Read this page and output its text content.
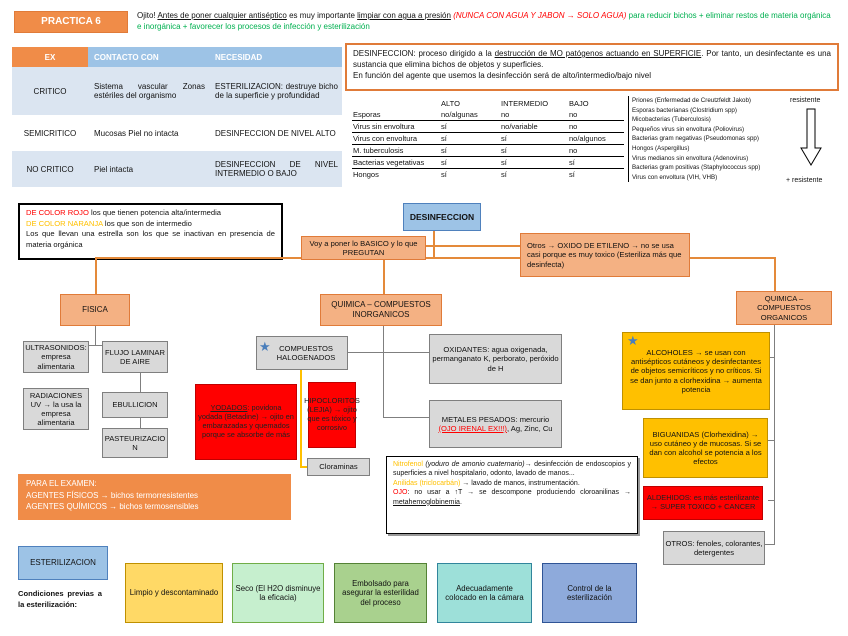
PRACTICA 6
Ojito! Antes de poner cualquier antiséptico es muy importante limpiar con agua a presión (NUNCA CON AGUA Y JABON → SOLO AGUA) para reducir bichos + eliminar restos de materia orgánica e inorgánica + favorecer los procesos de infección y esterilización
EX	CONTACTO CON	NECESIDAD
CRITICO	Sistema vascular Zonas estériles del organismo	ESTERILIZACION: destruye bicho de la superficie y profundidad
SEMICRITICO	Mucosas Piel no intacta	DESINFECCION DE NIVEL ALTO
NO CRITICO	Piel intacta	DESINFECCION DE NIVEL INTERMEDIO O BAJO
DESINFECCION: proceso dirigido a la destrucción de MO patógenos actuando en SUPERFICIE. Por tanto, un desinfectante es una sustancia que elimina bichos de objetos y superficies.
En función del agente que usemos la desinfección será de alto/intermedio/bajo nivel
	ALTO	INTERMEDIO	BAJO
Esporas	no/algunas	no	no
Virus sin envoltura	sí	no/variable	no
Virus con envoltura	sí	sí	no/algunos
M. tuberculosis	sí	sí	no
Bacterias vegetativas	sí	sí	sí
Hongos	sí	sí	sí
Priones (Enfermedad de Creutzfeldt Jakob)
Esporas bacterianas (Clostridium spp)
Micobacterias (Tuberculosis)
Pequeños virus sin envoltura (Poliovirus)
Bacterias gram negativas (Pseudomonas spp)
Hongos (Aspergillus)
Virus medianos sin envoltura (Adenovirus)
Bacterias gram positivas (Staphylococcus spp)
Virus con envoltura (VIH, VHB)
resistente
+ resistente
DE COLOR ROJO los que tienen potencia alta/intermedia
DE COLOR NARANJA los que son de intermedio
Los que llevan una estrella son los que se inactivan en presencia de materia orgánica
DESINFECCION
Voy a poner lo BASICO y lo que PREGUTAN
Otros → OXIDO DE ETILENO → no se usa casi porque es muy toxico (Esteriliza más que desinfecta)
FISICA
QUIMICA – COMPUESTOS INORGANICOS
QUIMICA – COMPUESTOS ORGANICOS
ULTRASONIDOS: empresa alimentaria
FLUJO LAMINAR DE AIRE
RADIACIONES UV → la usa la empresa alimentaria
EBULLICION
PASTEURIZACION
★	COMPUESTOS HALOGENADOS
YODADOS: povidona yodada (Betadine) → ojito en embarazadas y quemados porque se absorbe de más
HIPOCLORITOS (LEJIA) → ojito que es tóxico y corrosivo
Cloraminas
OXIDANTES: agua oxigenada, permanganato K, perborato, peróxido de H
METALES PESADOS: mercurio (OJO IRENAL EX!!!), Ag, Zinc, Cu
★
ALCOHOLES → se usan con antisépticos cutáneos y desinfectantes de objetos semicríticos y no críticos. Si se dan junto a clorhexidina → aumenta potencia
BIGUANIDAS (Clorhexidina) → uso cutáneo y de mucosas. Si se dan con alcohol se potencia a los efectos
ALDEHIDOS: es más esterilizante → SUPER TOXICO + CANCER
OTROS: fenoles, colorantes, detergentes
Nitrofenol (yoduro de amonio cuaternario)→ desinfección de endoscopios y superficies a nivel hospitalario, odonto, lavado de manos...
Anilidas (triclocarbán) → lavado de manos, instrumentación.
OJO: no usar a ↑T → se descompone produciendo cloroanilinas → metahemoglobinemia.
PARA EL EXAMEN:
AGENTES FÍSICOS → bichos termorresistentes
AGENTES QUÍMICOS → bichos termosensibles
ESTERILIZACION
Condiciones previas a la esterilización:
Limpio y descontaminado
Seco (El H2O disminuye la eficacia)
Embolsado para asegurar la esterilidad del proceso
Adecuadamente colocado en la cámara
Control de la esterilización
